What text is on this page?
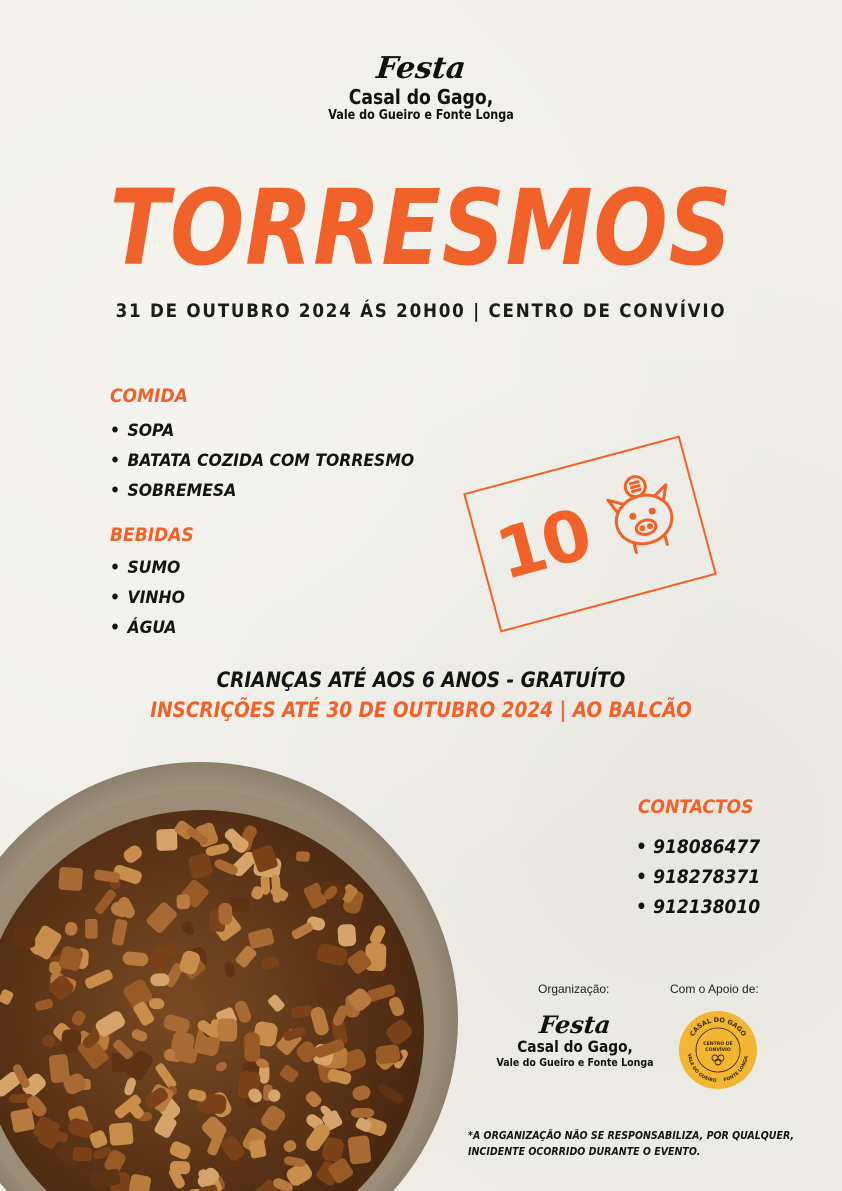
Festa
Casal do Gago,
Vale do Gueiro e Fonte Longa
TORRESMOS
31 DE OUTUBRO 2024 ÁS 20H00 | CENTRO DE CONVÍVIO
COMIDA
• SOPA
• BATATA COZIDA COM TORRESMO
• SOBREMESA
BEBIDAS
• SUMO
• VINHO
• ÁGUA
10
CRIANÇAS ATÉ AOS 6 ANOS - GRATUÍTO
INSCRIÇÕES ATÉ 30 DE OUTUBRO 2024 | AO BALCÃO
CONTACTOS
• 918086477
• 918278371
• 912138010
Organização:	Com o Apoio de:
Festa
Casal do Gago,
Vale do Gueiro e Fonte Longa
CASAL DO GAGO
VALE DO GUEIRO FONTE LONGA
CENTRO DE
CONVÍVIO
*A ORGANIZAÇÃO NÃO SE RESPONSABILIZA, POR QUALQUER,
INCIDENTE OCORRIDO DURANTE O EVENTO.
